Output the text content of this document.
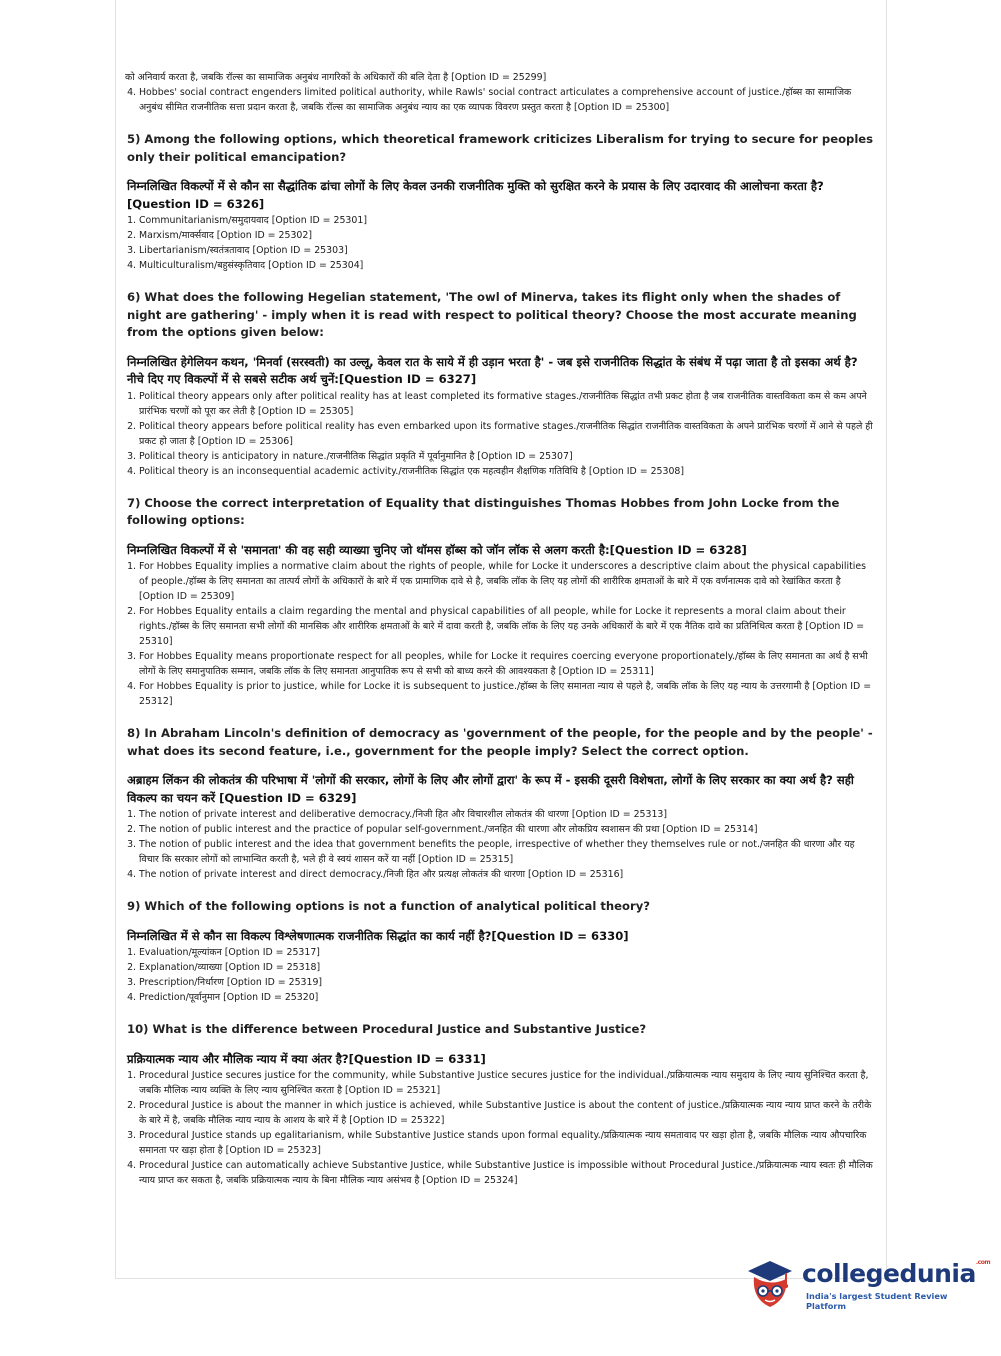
को अनिवार्य करता है, जबकि रॉल्स का सामाजिक अनुबंध नागरिकों के अधिकारों की बलि देता है [Option ID = 25299]

4. Hobbes' social contract engenders limited political authority, while Rawls' social contract articulates a comprehensive account of justice./हॉब्स का सामाजिक अनुबंध सीमित राजनीतिक सत्ता प्रदान करता है, जबकि रॉल्स का सामाजिक अनुबंध न्याय का एक व्यापक विवरण प्रस्तुत करता है [Option ID = 25300]

5) Among the following options, which theoretical framework criticizes Liberalism for trying to secure for peoples only their political emancipation?

निम्नलिखित विकल्पों में से कौन सा सैद्धांतिक ढांचा लोगों के लिए केवल उनकी राजनीतिक मुक्ति को सुरक्षित करने के प्रयास के लिए उदारवाद की आलोचना करता है?[Question ID = 6326]

1. Communitarianism/समुदायवाद [Option ID = 25301]
2. Marxism/मार्क्सवाद [Option ID = 25302]
3. Libertarianism/स्वतंत्रतावाद [Option ID = 25303]
4. Multiculturalism/बहुसंस्कृतिवाद [Option ID = 25304]

6) What does the following Hegelian statement, 'The owl of Minerva, takes its flight only when the shades of night are gathering' - imply when it is read with respect to political theory? Choose the most accurate meaning from the options given below:

निम्नलिखित हेगेलियन कथन, 'मिनर्वा (सरस्वती) का उल्लू, केवल रात के साये में ही उड़ान भरता है' - जब इसे राजनीतिक सिद्धांत के संबंध में पढ़ा जाता है तो इसका अर्थ है? नीचे दिए गए विकल्पों में से सबसे सटीक अर्थ चुनें:[Question ID = 6327]

1. Political theory appears only after political reality has at least completed its formative stages./राजनीतिक सिद्धांत तभी प्रकट होता है जब राजनीतिक वास्तविकता कम से कम अपने प्रारंभिक चरणों को पूरा कर लेती है [Option ID = 25305]
2. Political theory appears before political reality has even embarked upon its formative stages./राजनीतिक सिद्धांत राजनीतिक वास्तविकता के अपने प्रारंभिक चरणों में आने से पहले ही प्रकट हो जाता है [Option ID = 25306]
3. Political theory is anticipatory in nature./राजनीतिक सिद्धांत प्रकृति में पूर्वानुमानित है [Option ID = 25307]
4. Political theory is an inconsequential academic activity./राजनीतिक सिद्धांत एक महत्वहीन शैक्षणिक गतिविधि है [Option ID = 25308]

7) Choose the correct interpretation of Equality that distinguishes Thomas Hobbes from John Locke from the following options:

निम्नलिखित विकल्पों में से 'समानता' की वह सही व्याख्या चुनिए जो थॉमस हॉब्स को जॉन लॉक से अलग करती है:[Question ID = 6328]

1. For Hobbes Equality implies a normative claim about the rights of people, while for Locke it underscores a descriptive claim about the physical capabilities of people./हॉब्स के लिए समानता का तात्पर्य लोगों के अधिकारों के बारे में एक प्रामाणिक दावे से है, जबकि लॉक के लिए यह लोगों की शारीरिक क्षमताओं के बारे में एक वर्णनात्मक दावे को रेखांकित करता है [Option ID = 25309]
2. For Hobbes Equality entails a claim regarding the mental and physical capabilities of all people, while for Locke it represents a moral claim about their rights./हॉब्स के लिए समानता सभी लोगों की मानसिक और शारीरिक क्षमताओं के बारे में दावा करती है, जबकि लॉक के लिए यह उनके अधिकारों के बारे में एक नैतिक दावे का प्रतिनिधित्व करता है [Option ID = 25310]
3. For Hobbes Equality means proportionate respect for all peoples, while for Locke it requires coercing everyone proportionately./हॉब्स के लिए समानता का अर्थ है सभी लोगों के लिए समानुपातिक सम्मान, जबकि लॉक के लिए समानता आनुपातिक रूप से सभी को बाध्य करने की आवश्यकता है [Option ID = 25311]
4. For Hobbes Equality is prior to justice, while for Locke it is subsequent to justice./हॉब्स के लिए समानता न्याय से पहले है, जबकि लॉक के लिए यह न्याय के उत्तरगामी है [Option ID = 25312]

8) In Abraham Lincoln's definition of democracy as 'government of the people, for the people and by the people' - what does its second feature, i.e., government for the people imply? Select the correct option.

अब्राहम लिंकन की लोकतंत्र की परिभाषा में 'लोगों की सरकार, लोगों के लिए और लोगों द्वारा' के रूप में - इसकी दूसरी विशेषता, लोगों के लिए सरकार का क्या अर्थ है? सही विकल्प का चयन करें [Question ID = 6329]

1. The notion of private interest and deliberative democracy./निजी हित और विचारशील लोकतंत्र की धारणा [Option ID = 25313]
2. The notion of public interest and the practice of popular self-government./जनहित की धारणा और लोकप्रिय स्वशासन की प्रथा [Option ID = 25314]
3. The notion of public interest and the idea that government benefits the people, irrespective of whether they themselves rule or not./जनहित की धारणा और यह विचार कि सरकार लोगों को लाभान्वित करती है, भले ही वे स्वयं शासन करें या नहीं [Option ID = 25315]
4. The notion of private interest and direct democracy./निजी हित और प्रत्यक्ष लोकतंत्र की धारणा [Option ID = 25316]

9) Which of the following options is not a function of analytical political theory?

निम्नलिखित में से कौन सा विकल्प विश्लेषणात्मक राजनीतिक सिद्धांत का कार्य नहीं है?[Question ID = 6330]

1. Evaluation/मूल्यांकन [Option ID = 25317]
2. Explanation/व्याख्या [Option ID = 25318]
3. Prescription/निर्धारण [Option ID = 25319]
4. Prediction/पूर्वानुमान [Option ID = 25320]

10) What is the difference between Procedural Justice and Substantive Justice?

प्रक्रियात्मक न्याय और मौलिक न्याय में क्या अंतर है?[Question ID = 6331]

1. Procedural Justice secures justice for the community, while Substantive Justice secures justice for the individual./प्रक्रियात्मक न्याय समुदाय के लिए न्याय सुनिश्चित करता है, जबकि मौलिक न्याय व्यक्ति के लिए न्याय सुनिश्चित करता है [Option ID = 25321]
2. Procedural Justice is about the manner in which justice is achieved, while Substantive Justice is about the content of justice./प्रक्रियात्मक न्याय न्याय प्राप्त करने के तरीके के बारे में है, जबकि मौलिक न्याय न्याय के आशय के बारे में है [Option ID = 25322]
3. Procedural Justice stands up egalitarianism, while Substantive Justice stands upon formal equality./प्रक्रियात्मक न्याय समतावाद पर खड़ा होता है, जबकि मौलिक न्याय औपचारिक समानता पर खड़ा होता है [Option ID = 25323]
4. Procedural Justice can automatically achieve Substantive Justice, while Substantive Justice is impossible without Procedural Justice./प्रक्रियात्मक न्याय स्वतः ही मौलिक न्याय प्राप्त कर सकता है, जबकि प्रक्रियात्मक न्याय के बिना मौलिक न्याय असंभव है [Option ID = 25324]
collegedunia$^{.com}$
India's largest Student Review Platform
